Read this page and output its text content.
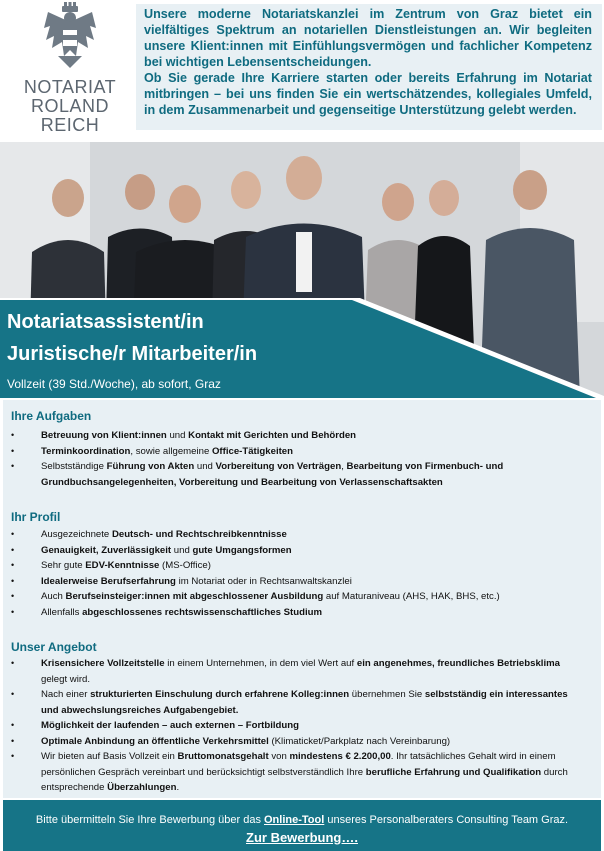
NOTARIAT
ROLAND
REICH

Unsere moderne Notariatskanzlei im Zentrum von Graz bietet ein vielfältiges Spektrum an notariellen Dienstleistungen an. Wir begleiten unsere Klient:innen mit Einfühlungsvermögen und fachlicher Kompetenz bei wichtigen Lebensentscheidungen.

Ob Sie gerade Ihre Karriere starten oder bereits Erfahrung im Notariat mitbringen – bei uns finden Sie ein wertschätzendes, kollegiales Umfeld, in dem Zusammenarbeit und gegenseitige Unterstützung gelebt werden.

Notariatsassistent/in
Juristische/r Mitarbeiter/in
Vollzeit (39 Std./Woche), ab sofort, Graz
Ihre Aufgaben
• Betreuung von Klient:innen und Kontakt mit Gerichten und Behörden
• Terminkoordination, sowie allgemeine Office-Tätigkeiten
• Selbstständige Führung von Akten und Vorbereitung von Verträgen, Bearbeitung von Firmenbuch- und Grundbuchsangelegenheiten, Vorbereitung und Bearbeitung von Verlassenschaftsakten
Ihr Profil
• Ausgezeichnete Deutsch- und Rechtschreibkenntnisse
• Genauigkeit, Zuverlässigkeit und gute Umgangsformen
• Sehr gute EDV-Kenntnisse (MS-Office)
• Idealerweise Berufserfahrung im Notariat oder in Rechtsanwaltskanzlei
• Auch Berufseinsteiger:innen mit abgeschlossener Ausbildung auf Maturaniveau (AHS, HAK, BHS, etc.)
• Allenfalls abgeschlossenes rechtswissenschaftliches Studium
Unser Angebot
• Krisensichere Vollzeitstelle in einem Unternehmen, in dem viel Wert auf ein angenehmes, freundliches Betriebsklima gelegt wird.
• Nach einer strukturierten Einschulung durch erfahrene Kolleg:innen übernehmen Sie selbstständig ein interessantes und abwechslungsreiches Aufgabengebiet.
• Möglichkeit der laufenden – auch externen – Fortbildung
• Optimale Anbindung an öffentliche Verkehrsmittel (Klimaticket/Parkplatz nach Vereinbarung)
• Wir bieten auf Basis Vollzeit ein Bruttomonatsgehalt von mindestens € 2.200,00. Ihr tatsächliches Gehalt wird in einem persönlichen Gespräch vereinbart und berücksichtigt selbstverständlich Ihre berufliche Erfahrung und Qualifikation durch entsprechende Überzahlungen.
Bitte übermitteln Sie Ihre Bewerbung über das Online-Tool unseres Personalberaters Consulting Team Graz.
Zur Bewerbung….
